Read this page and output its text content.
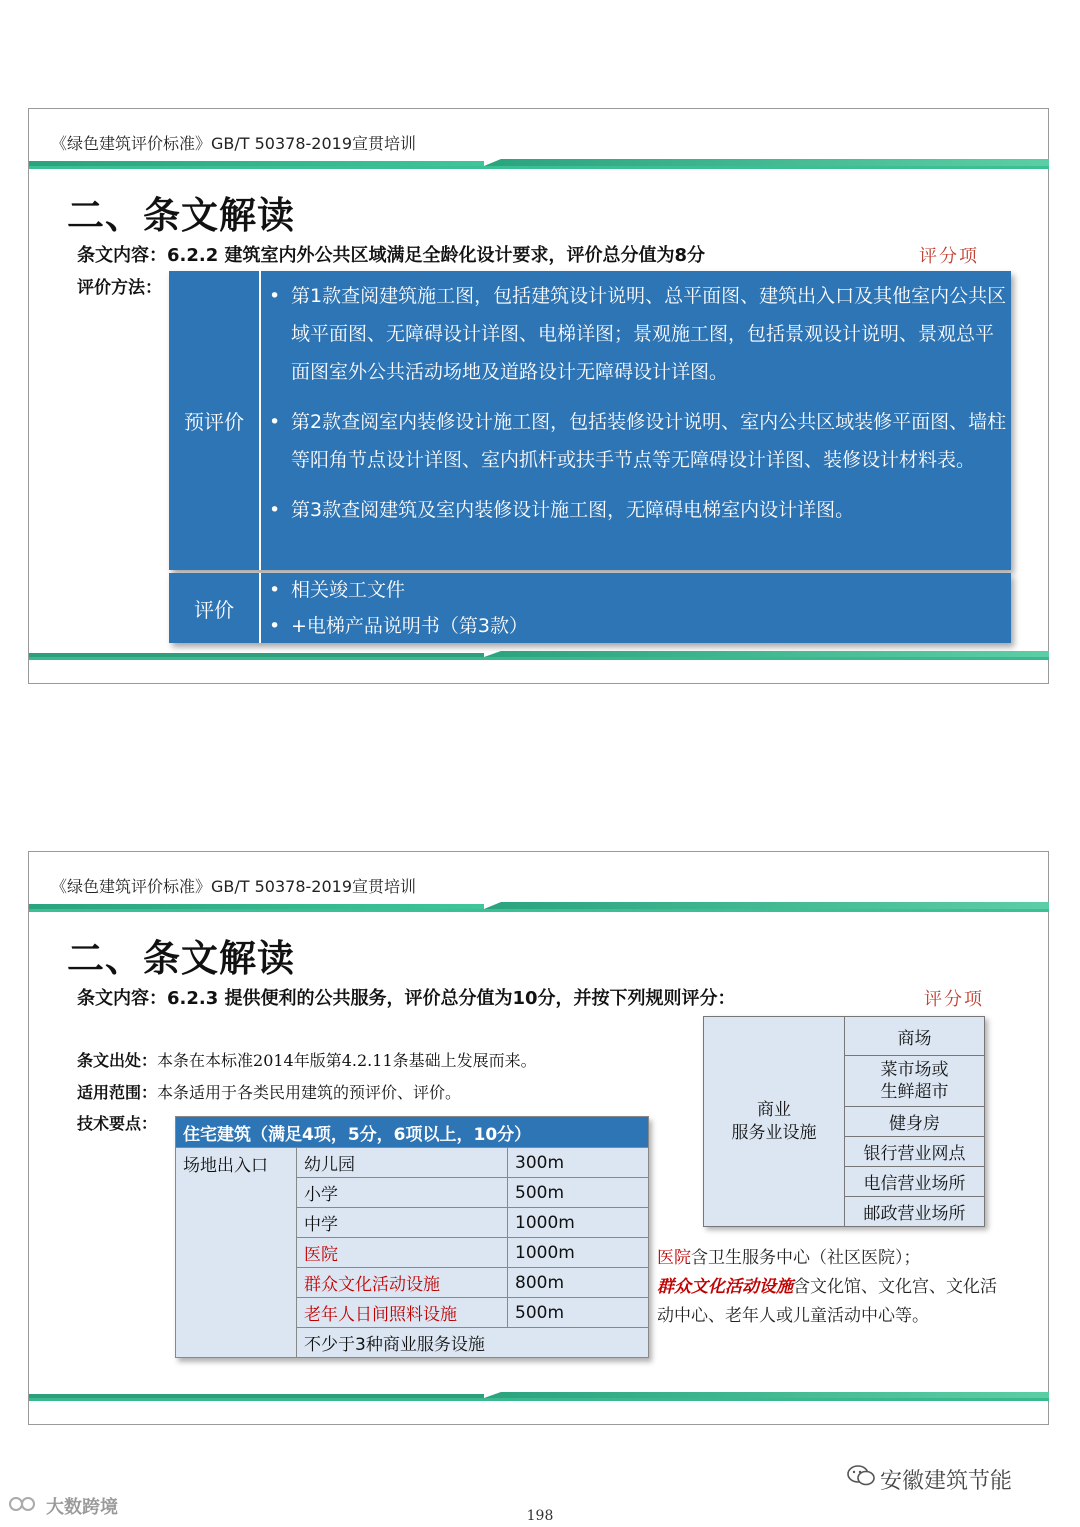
《绿色建筑评价标准》GB/T 50378-2019宣贯培训
二、条文解读
条文内容：6.2.2 建筑室内外公共区域满足全龄化设计要求，评价总分值为8分	评分项
评价方法：
预评价
• 第1款查阅建筑施工图，包括建筑设计说明、总平面图、建筑出入口及其他室内公共区域平面图、无障碍设计详图、电梯详图；景观施工图，包括景观设计说明、景观总平面图室外公共活动场地及道路设计无障碍设计详图。
• 第2款查阅室内装修设计施工图，包括装修设计说明、室内公共区域装修平面图、墙柱等阳角节点设计详图、室内抓杆或扶手节点等无障碍设计详图、装修设计材料表。
• 第3款查阅建筑及室内装修设计施工图，无障碍电梯室内设计详图。
评价
• 相关竣工文件
• +电梯产品说明书（第3款）
《绿色建筑评价标准》GB/T 50378-2019宣贯培训
二、条文解读
条文内容：6.2.3 提供便利的公共服务，评价总分值为10分，并按下列规则评分：	评分项
条文出处：本条在本标准2014年版第4.2.11条基础上发展而来。
适用范围：本条适用于各类民用建筑的预评价、评价。
技术要点：
住宅建筑（满足4项，5分，6项以上，10分）		
场地出入口	幼儿园	300m
	小学	500m
	中学	1000m
	医院	1000m
	群众文化活动设施	800m
	老年人日间照料设施	500m
	不少于3种商业服务设施	
商业
服务业设施
	商场

菜市场或
生鲜超市

健身房
银行营业网点
电信营业场所
邮政营业场所
医院含卫生服务中心（社区医院）；
群众文化活动设施含文化馆、文化宫、文化活动中心、老年人或儿童活动中心等。
安徽建筑节能
大数跨境	198
